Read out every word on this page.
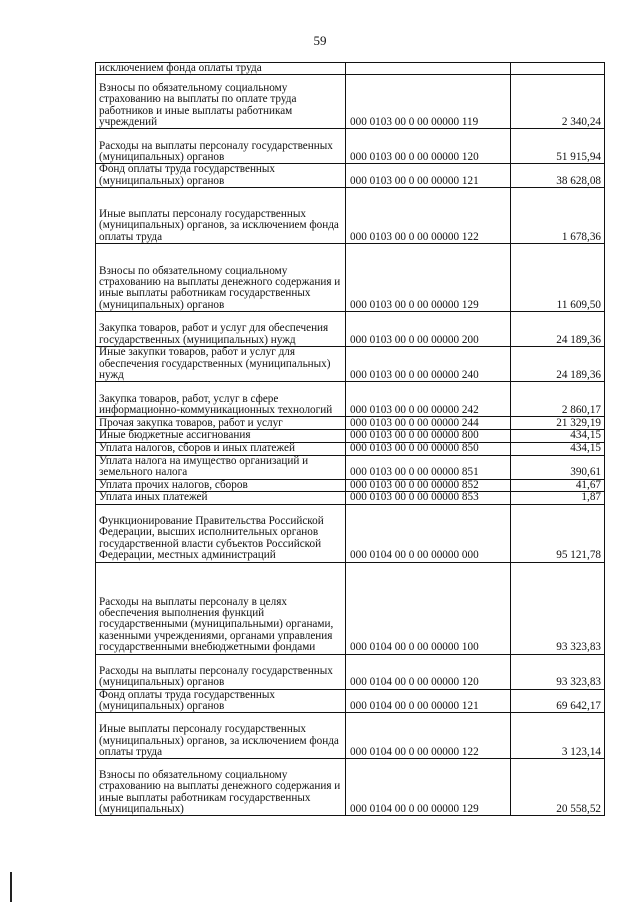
59
исключением фонда оплаты труда		
Взносы по обязательному социальному страхованию на выплаты по оплате труда работников и иные выплаты работникам учреждений	000 0103 00 0 00 00000 119	2 340,24
Расходы на выплаты персоналу государственных (муниципальных) органов	000 0103 00 0 00 00000 120	51 915,94
Фонд оплаты труда государственных (муниципальных) органов	000 0103 00 0 00 00000 121	38 628,08
Иные выплаты персоналу государственных (муниципальных) органов, за исключением фонда оплаты труда	000 0103 00 0 00 00000 122	1 678,36
Взносы по обязательному социальному страхованию на выплаты денежного содержания и иные выплаты работникам государственных (муниципальных) органов	000 0103 00 0 00 00000 129	11 609,50
Закупка товаров, работ и услуг для обеспечения государственных (муниципальных) нужд	000 0103 00 0 00 00000 200	24 189,36
Иные закупки товаров, работ и услуг для обеспечения государственных (муниципальных) нужд	000 0103 00 0 00 00000 240	24 189,36
Закупка товаров, работ, услуг в сфере информационно-коммуникационных технологий	000 0103 00 0 00 00000 242	2 860,17
Прочая закупка товаров, работ и услуг	000 0103 00 0 00 00000 244	21 329,19
Иные бюджетные ассигнования	000 0103 00 0 00 00000 800	434,15
Уплата налогов, сборов и иных платежей	000 0103 00 0 00 00000 850	434,15
Уплата налога на имущество организаций и земельного налога	000 0103 00 0 00 00000 851	390,61
Уплата прочих налогов, сборов	000 0103 00 0 00 00000 852	41,67
Уплата иных платежей	000 0103 00 0 00 00000 853	1,87
Функционирование Правительства Российской Федерации, высших исполнительных органов государственной власти субъектов Российской Федерации, местных администраций	000 0104 00 0 00 00000 000	95 121,78
Расходы на выплаты персоналу в целях обеспечения выполнения функций государственными (муниципальными) органами, казенными учреждениями, органами управления государственными внебюджетными фондами	000 0104 00 0 00 00000 100	93 323,83
Расходы на выплаты персоналу государственных (муниципальных) органов	000 0104 00 0 00 00000 120	93 323,83
Фонд оплаты труда государственных (муниципальных) органов	000 0104 00 0 00 00000 121	69 642,17
Иные выплаты персоналу государственных (муниципальных) органов, за исключением фонда оплаты труда	000 0104 00 0 00 00000 122	3 123,14
Взносы по обязательному социальному страхованию на выплаты денежного содержания и иные выплаты работникам государственных (муниципальных)	000 0104 00 0 00 00000 129	20 558,52
